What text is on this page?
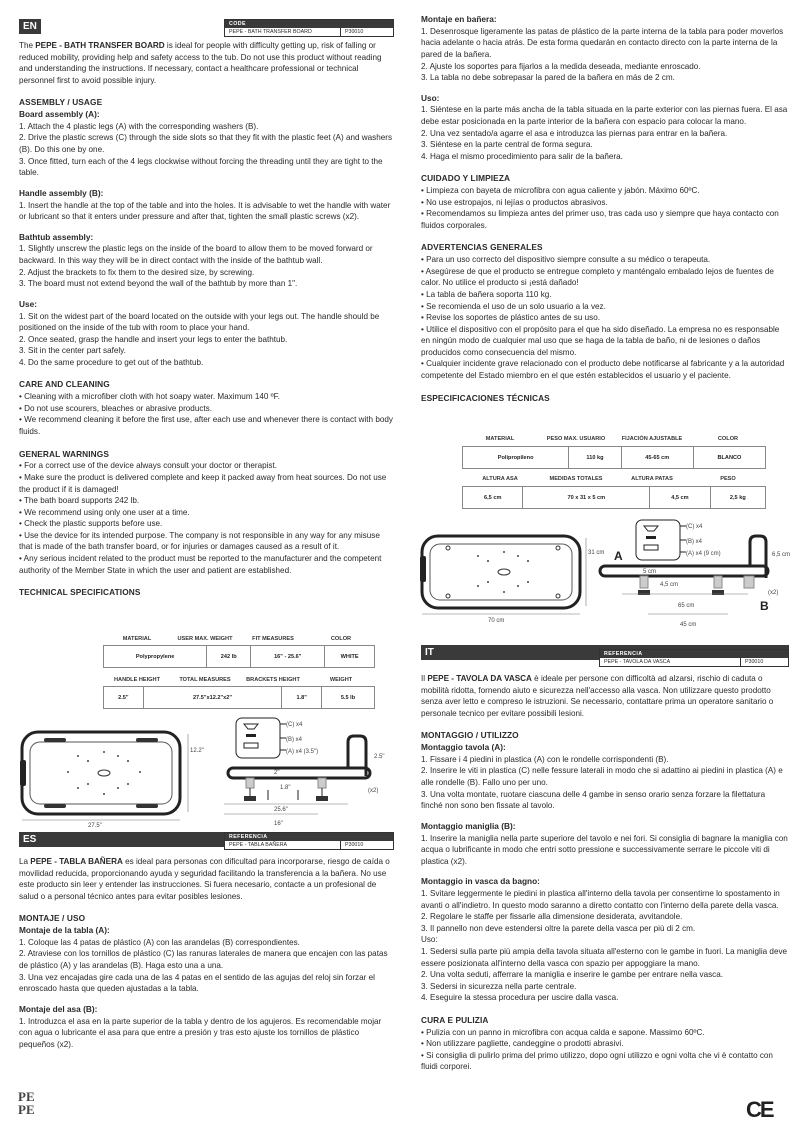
EN	CODE
PEPE - BATH TRANSFER BOARD	P30010

The PEPE - BATH TRANSFER BOARD is ideal for people with difficulty getting up, risk of falling or reduced mobility, providing help and safety access to the tub. Do not use this product without reading and understanding the instructions. If necessary, contact a healthcare professional or technical personnel first to avoid possible injury.

ASSEMBLY / USAGE

Board assembly (A):

1. Attach the 4 plastic legs (A) with the corresponding washers (B).

2. Drive the plastic screws (C) through the side slots so that they fit with the plastic feet (A) and washers (B). Do this one by one.

3. Once fitted, turn each of the 4 legs clockwise without forcing the threading until they are tight to the table.

Handle assembly (B):

1. Insert the handle at the top of the table and into the holes. It is advisable to wet the handle with water or lubricant so that it enters under pressure and after that, tighten the small plastic screws (x2).

Bathtub assembly:

1. Slightly unscrew the plastic legs on the inside of the board to allow them to be moved forward or backward. In this way they will be in direct contact with the inside of the bathtub wall.

2. Adjust the brackets to fix them to the desired size, by screwing.

3. The board must not extend beyond the wall of the bathtub by more than 1".

Use:

1. Sit on the widest part of the board located on the outside with your legs out. The handle should be positioned on the inside of the tub with room to place your hand.

2. Once seated, grasp the handle and insert your legs to enter the bathtub.

3. Sit in the center part safely.

4. Do the same procedure to get out of the bathtub.

CARE AND CLEANING

• Cleaning with a microfiber cloth with hot soapy water. Maximum 140 ºF.

• Do not use scourers, bleaches or abrasive products.

• We recommend cleaning it before the first use, after each use and whenever there is contact with body fluids.

GENERAL WARNINGS

• For a correct use of the device always consult your doctor or therapist.

• Make sure the product is delivered complete and keep it packed away from heat sources. Do not use the product if it is damaged!

• The bath board supports 242 lb.

• We recommend using only one user at a time.

• Check the plastic supports before use.

• Use the device for its intended purpose. The company is not responsible in any way for any misuse that is made of the bath transfer board, or for injuries or damages caused as a result of it.

• Any serious incident related to the product must be reported to the manufacturer and the competent authority of the Member State in which the user and patient are established.

TECHNICAL SPECIFICATIONS

MATERIAL	USER MAX. WEIGHT	FIT MEASURES	COLOR
Polypropylene	242 lb	16" - 25.6"	WHITE
HANDLE HEIGHT	TOTAL MEASURES	BRACKETS HEIGHT	WEIGHT
2.5"	27.5"x12.2"x2"	1.8"	5.5 lb
12.2"
27.5"
(C) x4
(B) x4
(A) x4 (3.5")
2.5"
2"
1.8"
25.6"
16"
(x2)
ES	REFERENCIA
PEPE - TABLA BAÑERA	P30010

La PEPE - TABLA BAÑERA es ideal para personas con dificultad para incorporarse, riesgo de caída o movilidad reducida, proporcionando ayuda y seguridad facilitando la transferencia a la bañera. No use este producto sin leer y entender las instrucciones. Si fuera necesario, contacte a un profesional de salud o a personal técnico antes para evitar posibles lesiones.

MONTAJE / USO

Montaje de la tabla (A):

1. Coloque las 4 patas de plástico (A) con las arandelas (B) correspondientes.

2. Atraviese con los tornillos de plástico (C) las ranuras laterales de manera que encajen con las patas de plástico (A) y las arandelas (B). Haga esto una a una.

3. Una vez encajadas gire cada una de las 4 patas en el sentido de las agujas del reloj sin forzar el enroscado hasta que queden ajustadas a la tabla.

Montaje del asa (B):

1. Introduzca el asa en la parte superior de la tabla y dentro de los agujeros. Es recomendable mojar con agua o lubricante el asa para que entre a presión y tras esto ajuste los tornillos de plástico pequeños (x2).

Montaje en bañera:

1. Desenrosque ligeramente las patas de plástico de la parte interna de la tabla para poder moverlos hacia adelante o hacia atrás. De esta forma quedarán en contacto directo con la parte interna de la pared de la bañera.

2. Ajuste los soportes para fijarlos a la medida deseada, mediante enroscado.

3. La tabla no debe sobrepasar la pared de la bañera en más de 2 cm.

Uso:

1. Siéntese en la parte más ancha de la tabla situada en la parte exterior con las piernas fuera. El asa debe estar posicionada en la parte interior de la bañera con espacio para colocar la mano.

2. Una vez sentado/a agarre el asa e introduzca las piernas para entrar en la bañera.

3. Siéntese en la parte central de forma segura.

4. Haga el mismo procedimiento para salir de la bañera.

CUIDADO Y LIMPIEZA

• Limpieza con bayeta de microfibra con agua caliente y jabón. Máximo 60ºC.

• No use estropajos, ni lejías o productos abrasivos.

• Recomendamos su limpieza antes del primer uso, tras cada uso y siempre que haya contacto con fluidos corporales.

ADVERTENCIAS GENERALES

• Para un uso correcto del dispositivo siempre consulte a su médico o terapeuta.

• Asegúrese de que el producto se entregue completo y manténgalo embalado lejos de fuentes de calor. No utilice el producto si ¡está dañado!

• La tabla de bañera soporta 110 kg.

• Se recomienda el uso de un solo usuario a la vez.

• Revise los soportes de plástico antes de su uso.

• Utilice el dispositivo con el propósito para el que ha sido diseñado. La empresa no es responsable en ningún modo de cualquier mal uso que se haga de la tabla de baño, ni de lesiones o daños producidos como consecuencia del mismo.

• Cualquier incidente grave relacionado con el producto debe notificarse al fabricante y a la autoridad competente del Estado miembro en el que estén establecidos el usuario y el paciente.

ESPECIFICACIONES TÉCNICAS

MATERIAL	PESO MAX. USUARIO	FIJACIÓN AJUSTABLE	COLOR
Polipropileno	110 kg	45-65 cm	BLANCO
ALTURA ASA	MEDIDAS TOTALES	ALTURA PATAS	PESO
6,5 cm	70 x 31 x 5 cm	4,5 cm	2,5 kg
31 cm
70 cm
A
(C) x4
(B) x4
(A) x4 (9 cm)	6,5 cm
5 cm
4,5 cm
65 cm
45 cm
(x2)
B
IT	REFERENCIA
PEPE - TAVOLA DA VASCA	P30010

Il PEPE - TAVOLA DA VASCA è ideale per persone con difficoltà ad alzarsi, rischio di caduta o mobilità ridotta, fornendo aiuto e sicurezza nell'accesso alla vasca. Non utilizzare questo prodotto senza aver letto e compreso le istruzioni. Se necessario, contattare prima un operatore sanitario o personale tecnico per evitare possibili lesioni.

MONTAGGIO / UTILIZZO

Montaggio tavola (A):

1. Fissare i 4 piedini in plastica (A) con le rondelle corrispondenti (B).

2. Inserire le viti in plastica (C) nelle fessure laterali in modo che si adattino ai piedini in plastica (A) e alle rondelle (B). Fallo uno per uno.

3. Una volta montate, ruotare ciascuna delle 4 gambe in senso orario senza forzare la filettatura finché non sono ben fissate al tavolo.

Montaggio maniglia (B):

1. Inserire la maniglia nella parte superiore del tavolo e nei fori. Si consiglia di bagnare la maniglia con acqua o lubrificante in modo che entri sotto pressione e successivamente serrare le piccole viti di plastica (x2).

Montaggio in vasca da bagno:

1. Svitare leggermente le piedini in plastica all'interno della tavola per consentirne lo spostamento in avanti o all'indietro. In questo modo saranno a diretto contatto con l'interno della parete della vasca.

2. Regolare le staffe per fissarle alla dimensione desiderata, avvitandole.

3. Il pannello non deve estendersi oltre la parete della vasca per più di 2 cm.

Uso:

1. Sedersi sulla parte più ampia della tavola situata all'esterno con le gambe in fuori. La maniglia deve essere posizionata all'interno della vasca con spazio per appoggiare la mano.

2. Una volta seduti, afferrare la maniglia e inserire le gambe per entrare nella vasca.

3. Sedersi in sicurezza nella parte centrale.

4. Eseguire la stessa procedura per uscire dalla vasca.

CURA E PULIZIA

• Pulizia con un panno in microfibra con acqua calda e sapone. Massimo 60ºC.

• Non utilizzare pagliette, candeggine o prodotti abrasivi.

• Si consiglia di pulirlo prima del primo utilizzo, dopo ogni utilizzo e ogni volta che vi è contatto con fluidi corporei.

PE
PE	CE
